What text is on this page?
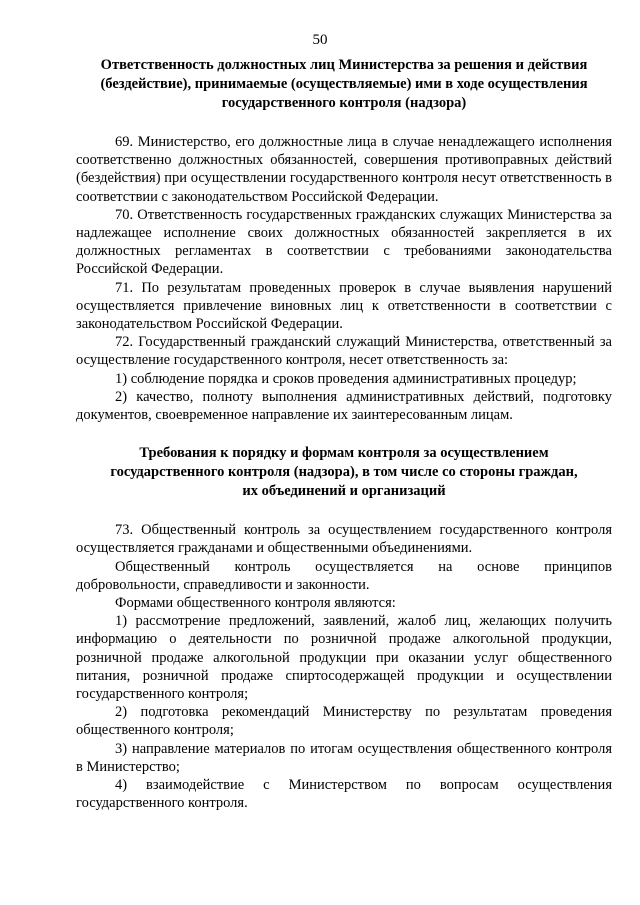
50
Ответственность должностных лиц Министерства за решения и действия
(бездействие), принимаемые (осуществляемые) ими в ходе осуществления
государственного контроля (надзора)

69. Министерство, его должностные лица в случае ненадлежащего исполнения соответственно должностных обязанностей, совершения противоправных действий (бездействия) при осуществлении государственного контроля несут ответственность в соответствии с законодательством Российской Федерации.

70. Ответственность государственных гражданских служащих Министерства за надлежащее исполнение своих должностных обязанностей закрепляется в их должностных регламентах в соответствии с требованиями законодательства Российской Федерации.

71. По результатам проведенных проверок в случае выявления нарушений осуществляется привлечение виновных лиц к ответственности в соответствии с законодательством Российской Федерации.

72. Государственный гражданский служащий Министерства, ответственный за осуществление государственного контроля, несет ответственность за:

1) соблюдение порядка и сроков проведения административных процедур;

2) качество, полноту выполнения административных действий, подготовку документов, своевременное направление их заинтересованным лицам.

Требования к порядку и формам контроля за осуществлением
государственного контроля (надзора), в том числе со стороны граждан,
их объединений и организаций

73. Общественный контроль за осуществлением государственного контроля осуществляется гражданами и общественными объединениями.

Общественный контроль осуществляется на основе принципов добровольности, справедливости и законности.

Формами общественного контроля являются:

1) рассмотрение предложений, заявлений, жалоб лиц, желающих получить информацию о деятельности по розничной продаже алкогольной продукции, розничной продаже алкогольной продукции при оказании услуг общественного питания, розничной продаже спиртосодержащей продукции и осуществлении государственного контроля;

2) подготовка рекомендаций Министерству по результатам проведения общественного контроля;

3) направление материалов по итогам осуществления общественного контроля в Министерство;

4) взаимодействие с Министерством по вопросам осуществления государственного контроля.
